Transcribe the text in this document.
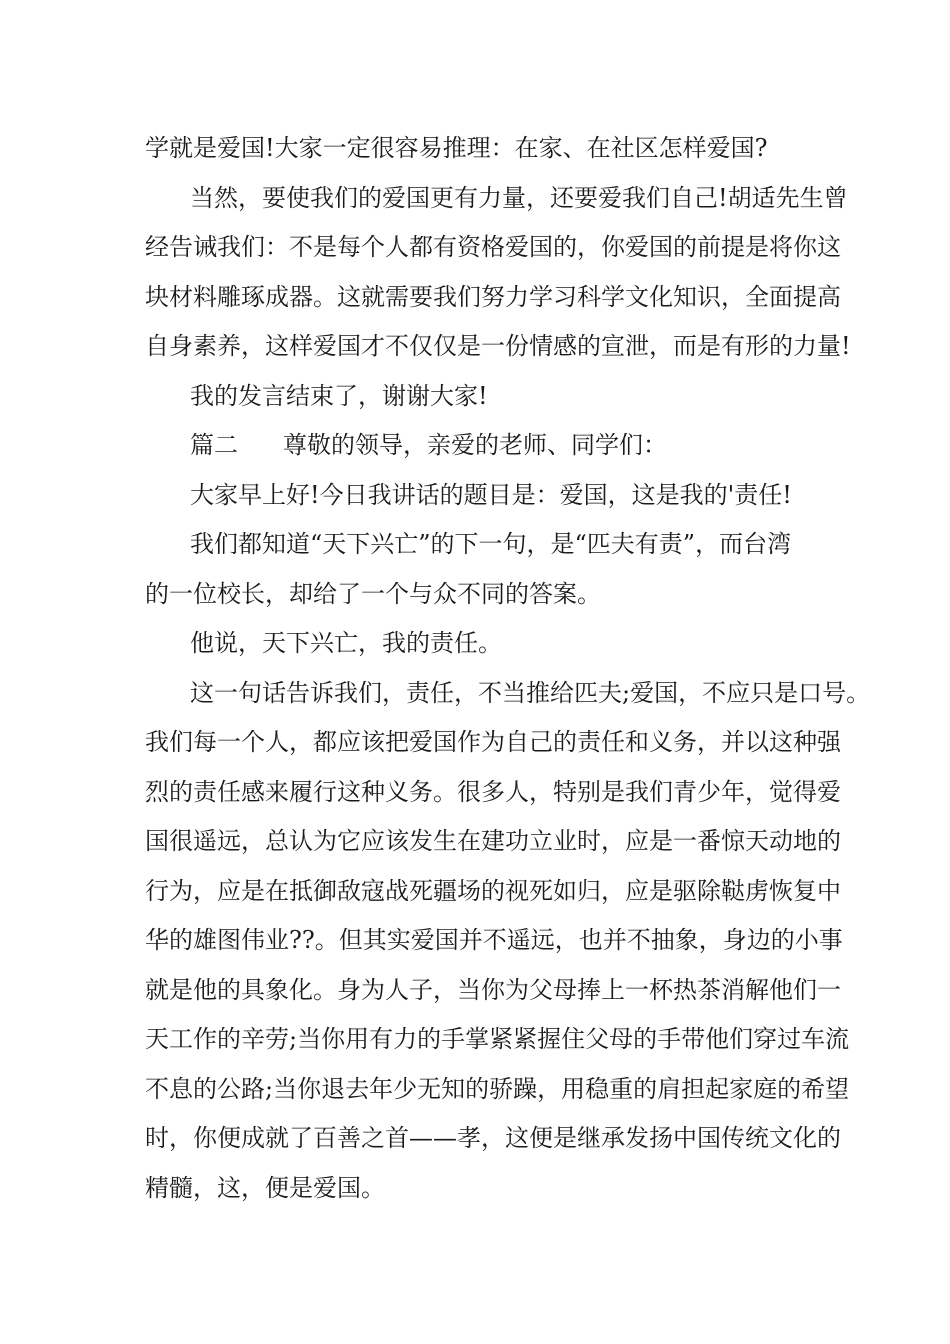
学就是爱国!大家一定很容易推理：在家、在社区怎样爱国?
当然，要使我们的爱国更有力量，还要爱我们自己!胡适先生曾
经告诫我们：不是每个人都有资格爱国的，你爱国的前提是将你这
块材料雕琢成器。这就需要我们努力学习科学文化知识，全面提高
自身素养，这样爱国才不仅仅是一份情感的宣泄，而是有形的力量!
我的发言结束了，谢谢大家!
篇二 尊敬的领导，亲爱的老师、同学们：
大家早上好!今日我讲话的题目是：爱国，这是我的'责任!
我们都知道“天下兴亡”的下一句，是“匹夫有责”，而台湾
的一位校长，却给了一个与众不同的答案。
他说，天下兴亡，我的责任。
这一句话告诉我们，责任，不当推给匹夫;爱国，不应只是口号。
我们每一个人，都应该把爱国作为自己的责任和义务，并以这种强
烈的责任感来履行这种义务。很多人，特别是我们青少年，觉得爱
国很遥远，总认为它应该发生在建功立业时，应是一番惊天动地的
行为，应是在抵御敌寇战死疆场的视死如归，应是驱除鞑虏恢复中
华的雄图伟业??。但其实爱国并不遥远，也并不抽象，身边的小事
就是他的具象化。身为人子，当你为父母捧上一杯热茶消解他们一
天工作的辛劳;当你用有力的手掌紧紧握住父母的手带他们穿过车流
不息的公路;当你退去年少无知的骄躁，用稳重的肩担起家庭的希望
时，你便成就了百善之首——孝，这便是继承发扬中国传统文化的
精髓，这，便是爱国。
